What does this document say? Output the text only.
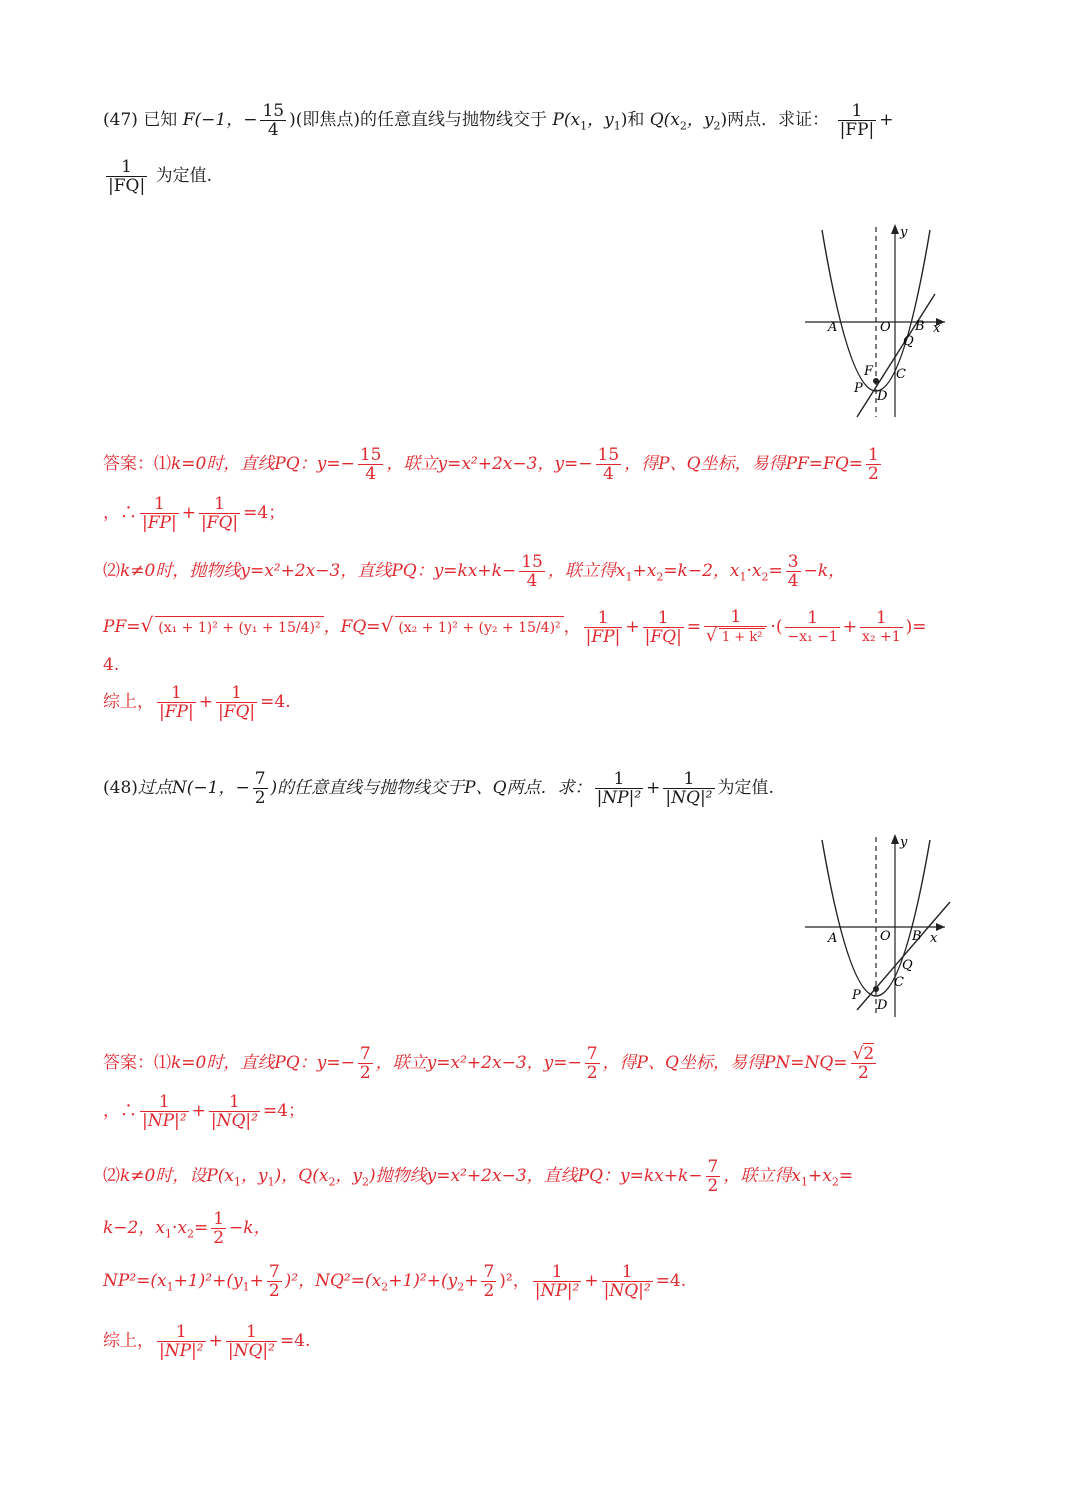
(47) 已知 F(−1，− $\frac{15}{4}$ )(即焦点)的任意直线与抛物线交于 $P(x_1$，$y_1$)和 $Q(x_2$，$y_2$)两点．求证： $\frac{1}{|FP|}$ +
$\frac{1}{|FQ|}$ 为定值.
y
x
A	O B
Q
F C
P
D
答案：⑴k=0时，直线PQ：$y=- \frac{15}{4}$ ，联立y=x²+2x−3，$y=- \frac{15}{4}$ ，得P、Q坐标，易得$PF=FQ= \frac{1}{2}$
，∴ $\frac{1}{|FP|} + \frac{1}{|FQ|} =4$；
⑵k≠0时，抛物线y=x²+2x−3，直线PQ：$y=kx+k- \frac{15}{4}$ ，联立得$x_1+x_2=k-2$，$x_1\cdot x_2= \frac{3}{4} -k$，
PF=√ (x₁ + 1)² + (y₁ + 15/4)² ，FQ=√ (x₂ + 1)² + (y₂ + 15/4)² ， $\frac{1}{|FP|} + \frac{1}{|FQ|} = \frac{1}{\text{√ 1 + k²}}$ ·( $\frac{1}{\text{−x₁ −1}} + \frac{1}{\text{x₂ +1}}$ )=
4.
综上， $\frac{1}{|FP|} + \frac{1}{|FQ|} =4$.
(48)过点N(−1，− $\frac{7}{2}$ )的任意直线与抛物线交于P、Q两点．求： $\frac{1}{\text{|NP|²}} + \frac{1}{\text{|NQ|²}}$ 为定值.
y
x
A	O B
Q
C
P
D
答案：⑴k=0时，直线PQ：$y=- \frac{7}{2}$ ，联立y=x²+2x−3，$y=- \frac{7}{2}$ ，得P、Q坐标，易得$PN=NQ= \frac{√2}{2}$
，∴ $\frac{1}{\text{|NP|²}} + \frac{1}{\text{|NQ|²}} =4$；
⑵k≠0时，设$P(x_1$，$y_1$)，$Q(x_2$，$y_2$)抛物线y=x²+2x−3，直线PQ：$y=kx+k- \frac{7}{2}$ ，联立得$x_1+x_2=$
k−2，$x_1\cdot x_2= \frac{1}{2} -k$，
$NP^2=(x_1+1)^2+(y_1+ \frac{7}{2} )^2$，$NQ^2=(x_2+1)^2+(y_2+ \frac{7}{2} )^2$， $\frac{1}{\text{|NP|²}} + \frac{1}{\text{|NQ|²}} =4$.
综上， $\frac{1}{\text{|NP|²}} + \frac{1}{\text{|NQ|²}} =4$.
